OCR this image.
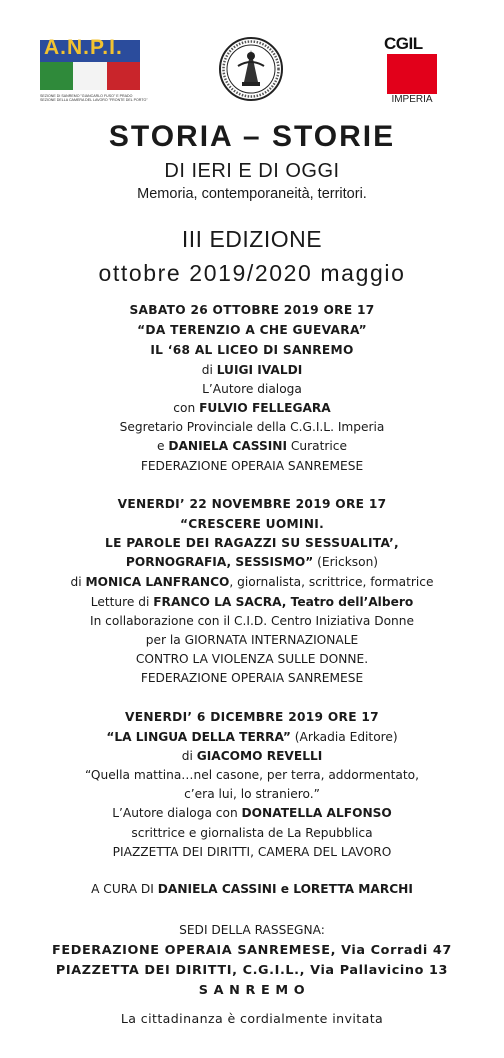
A.N.P.I.
SEZIONE DI SANREMO "GIANCARLO FUSO" E PRADO
SEZIONE DELLA CAMERA DEL LAVORO "FRONTE DEL PORTO"
CGIL
IMPERIA
STORIA – STORIE
DI IERI E DI OGGI
Memoria, contemporaneità, territori.
III EDIZIONE
ottobre 2019/2020 maggio
SABATO 26 OTTOBRE 2019 ORE 17
“DA TERENZIO A CHE GUEVARA”
IL ‘68 AL LICEO DI SANREMO
di LUIGI IVALDI
L’Autore dialoga
con FULVIO FELLEGARA
Segretario Provinciale della C.G.I.L. Imperia
e DANIELA CASSINI Curatrice
FEDERAZIONE OPERAIA SANREMESE
VENERDI’ 22 NOVEMBRE 2019 ORE 17
“CRESCERE UOMINI.
LE PAROLE DEI RAGAZZI SU SESSUALITA’,
PORNOGRAFIA, SESSISMO” (Erickson)
di MONICA LANFRANCO, giornalista, scrittrice, formatrice
Letture di FRANCO LA SACRA, Teatro dell’Albero
In collaborazione con il C.I.D. Centro Iniziativa Donne
per la GIORNATA INTERNAZIONALE
CONTRO LA VIOLENZA SULLE DONNE.
FEDERAZIONE OPERAIA SANREMESE
VENERDI’ 6 DICEMBRE 2019 ORE 17
“LA LINGUA DELLA TERRA” (Arkadia Editore)
di GIACOMO REVELLI
“Quella mattina…nel casone, per terra, addormentato,
c’era lui, lo straniero.”
L’Autore dialoga con DONATELLA ALFONSO
scrittrice e giornalista de La Repubblica
PIAZZETTA DEI DIRITTI, CAMERA DEL LAVORO
A CURA DI DANIELA CASSINI e LORETTA MARCHI
SEDI DELLA RASSEGNA:
FEDERAZIONE OPERAIA SANREMESE, Via Corradi 47
PIAZZETTA DEI DIRITTI, C.G.I.L., Via Pallavicino 13
S A N R E M O
La cittadinanza è cordialmente invitata
